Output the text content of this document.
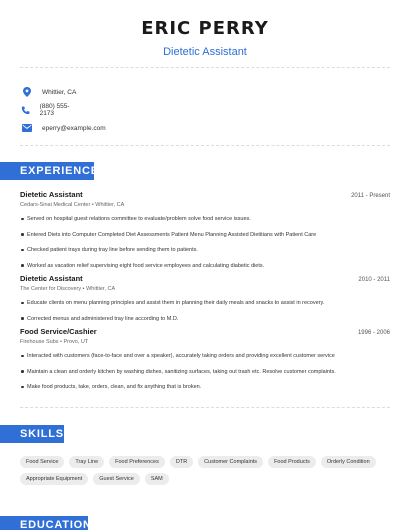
ERIC PERRY
Dietetic Assistant
Whittier, CA
(880) 555-2173
eperry@example.com
EXPERIENCE
Dietetic Assistant	2011 - Present
Cedars-Sinai Medical Center • Whittier, CA
Served on hospital guest relations committee to evaluate/problem solve food service issues.
Entered Diets into Computer Completed Diet Assessments Patient Menu Planning Assisted Dietitians with Patient Care
Checked patient trays during tray line before sending them to patients.
Worked as vacation relief supervising eight food service employees and calculating diabetic diets.
Dietetic Assistant	2010 - 2011
The Center for Discovery • Whittier, CA
Educate clients on menu planning principles and assist them in planning their daily meals and snacks to assist in recovery.
Corrected menus and administered tray line according to M.D.
Food Service/Cashier	1996 - 2006
Firehouse Subs • Provo, UT
Interacted with customers (face-to-face and over a speaker), accurately taking orders and providing excellent customer service
Maintain a clean and orderly kitchen by washing dishes, sanitizing surfaces, taking out trash etc. Resolve customer complaints.
Make food products, take, orders, clean, and fix anything that is broken.
SKILLS
Food Service	Tray Line	Food Preferences	DTR	Customer Complaints	Food Products	Orderly Condition
Appropriate Equipment	Guest Service	SAM
EDUCATION
